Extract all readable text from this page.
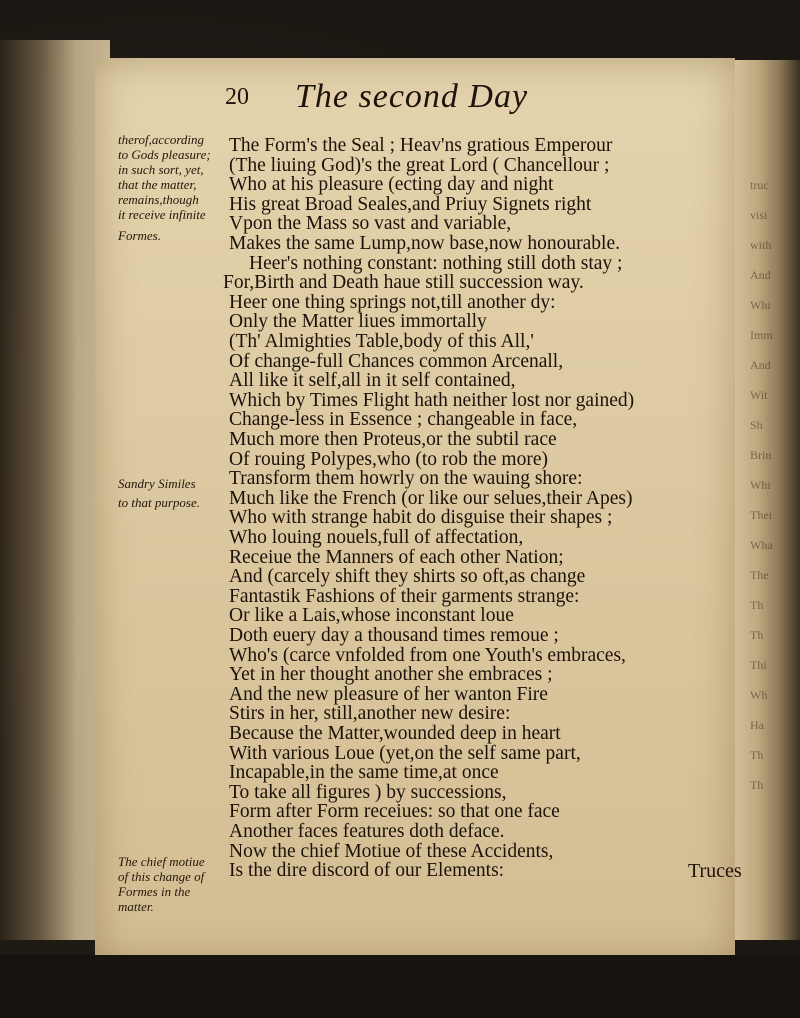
truc
visi
with
And
Whi
Imm
And
Wit
Sh
Brin
Whi
Thei
Wha
The
Th
Th
Thi
Wh
Ha
Th
Th
20 The second Day
therof,according
to Gods pleasure;
in such sort, yet,
that the matter,
remains,though
it receive infinite
Formes.
Sandry Similes
to that purpose.
The chief motiue
of this change of
Formes in the
matter.
The Form's the Seal ; Heav'ns gratious Emperour
(The liuing God)'s the great Lord ( Chancellour ;
Who at his pleasure (ecting day and night
His great Broad Seales,and Priuy Signets right
Vpon the Mass so vast and variable,
Makes the same Lump,now base,now honourable.
Heer's nothing constant: nothing still doth stay ;
For,Birth and Death haue still succession way.
Heer one thing springs not,till another dy:
Only the Matter liues immortally
(Th' Almighties Table,body of this All,'
Of change-full Chances common Arcenall,
All like it self,all in it self contained,
Which by Times Flight hath neither lost nor gained)
Change-less in Essence ; changeable in face,
Much more then Proteus,or the subtil race
Of rouing Polypes,who (to rob the more)
Transform them howrly on the wauing shore:
Much like the French (or like our selues,their Apes)
Who with strange habit do disguise their shapes ;
Who louing nouels,full of affectation,
Receiue the Manners of each other Nation;
And (carcely shift they shirts so oft,as change
Fantastik Fashions of their garments strange:
Or like a Lais,whose inconstant loue
Doth euery day a thousand times remoue ;
Who's (carce vnfolded from one Youth's embraces,
Yet in her thought another she embraces ;
And the new pleasure of her wanton Fire
Stirs in her, still,another new desire:
Because the Matter,wounded deep in heart
With various Loue (yet,on the self same part,
Incapable,in the same time,at once
To take all figures ) by successions,
Form after Form receiues: so that one face
Another faces features doth deface.
Now the chief Motiue of these Accidents,
Is the dire discord of our Elements:	Truces
